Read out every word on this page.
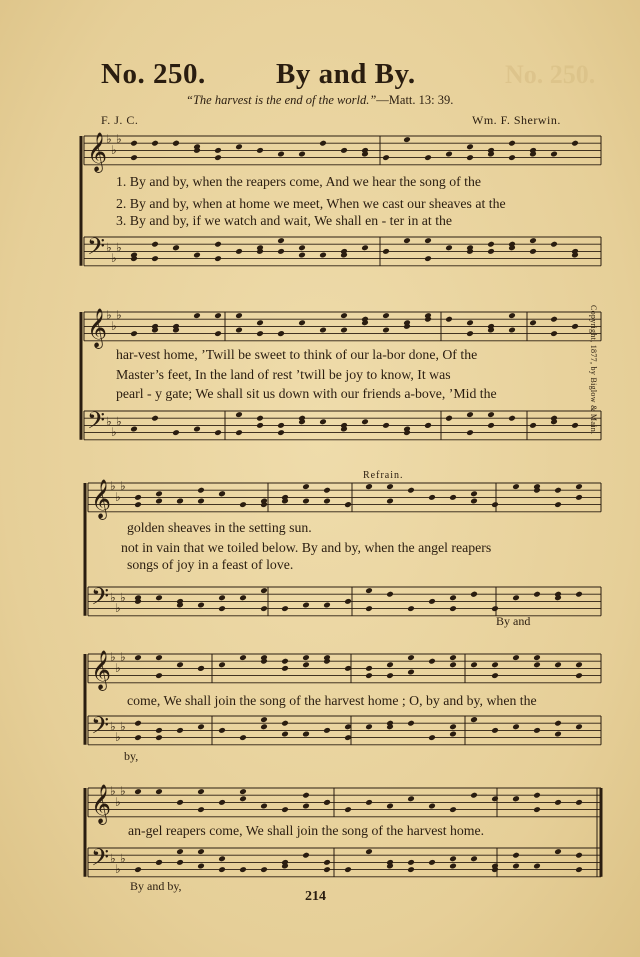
No. 250.
No. 250. By and By.
“The harvest is the end of the world.”—Matt. 13: 39.
F. J. C.	Wm. F. Sherwin.
𝄞
𝄢
♭
♭
♭
♭
♭
♭
𝄞
𝄢
♭
♭
♭
♭
♭
♭
𝄞
𝄢
♭
♭
♭
♭
♭
♭
𝄞
𝄢
♭
♭
♭
♭
♭
♭
𝄞
𝄢
♭
♭
♭
♭
♭
♭
1. By and by, when the reapers come, And we hear the song of the
2. By and by, when at home we meet, When we cast our sheaves at the
3. By and by, if we watch and wait, We shall en - ter in at the
har-vest home, ’Twill be sweet to think of our la-bor done, Of the
Master’s feet, In the land of rest ’twill be joy to know, It was
pearl - y gate; We shall sit us down with our friends a-bove, ’Mid the
Refrain.
golden sheaves in the setting sun.
not in vain that we toiled below. By and by, when the angel reapers
songs of joy in a feast of love.
By and
come, We shall join the song of the harvest home ; O, by and by, when the
by,
an-gel reapers come, We shall join the song of the harvest home.
By and by,
214
Copyright, 1877, by Biglow & Main.
